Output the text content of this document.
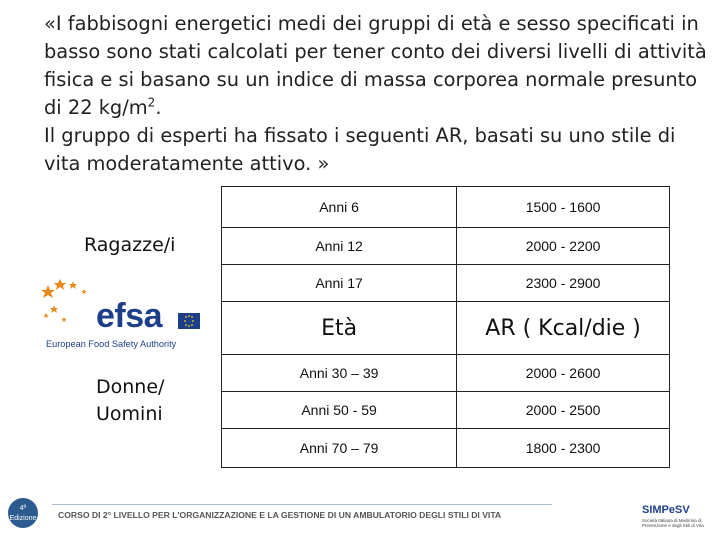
«I fabbisogni energetici medi dei gruppi di età e sesso specificati in basso sono stati calcolati per tener conto dei diversi livelli di attività fisica e si basano su un indice di massa corporea normale presunto di 22 $kg/m^2$.
Il gruppo di esperti ha fissato i seguenti AR, basati su uno stile di vita moderatamente attivo. »
Ragazze/i
efsa
European Food Safety Authority
Donne/
Uomini
Anni 6	1500 - 1600
Anni 12	2000 - 2200
Anni 17	2300 - 2900
Età	AR ( Kcal/die )
Anni 30 – 39	2000 - 2600
Anni 50 - 59	2000 - 2500
Anni 70 – 79	1800 - 2300
4ª
Edizione	CORSO DI 2° LIVELLO PER L'ORGANIZZAZIONE E LA GESTIONE DI UN AMBULATORIO DEGLI STILI DI VITA	SIMPeSV
Società Italiana di Medicina di Prevenzione e degli Stili di Vita
